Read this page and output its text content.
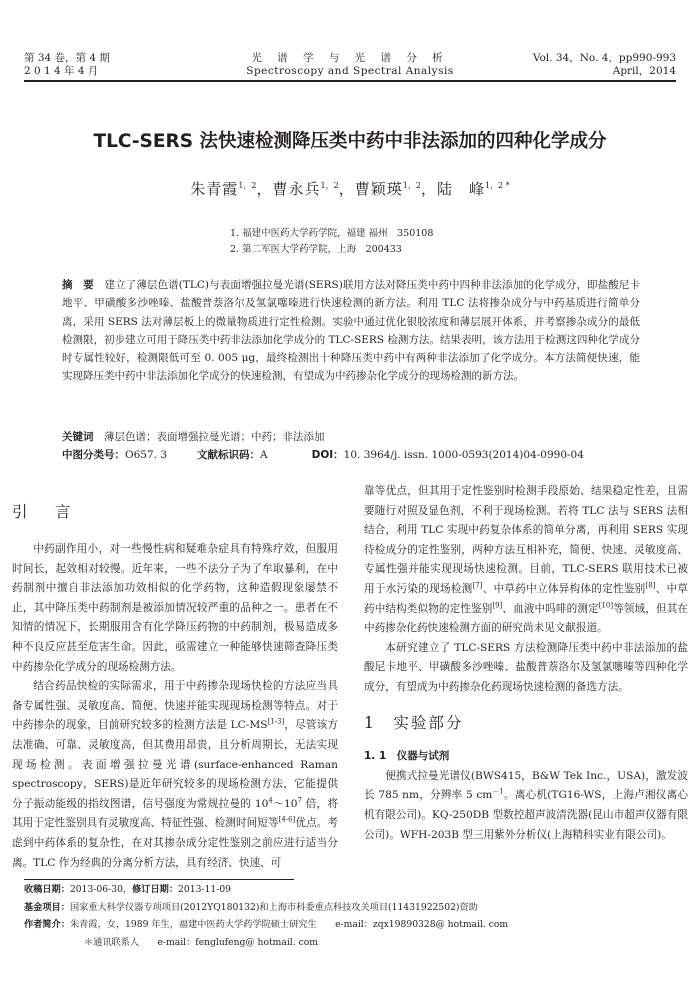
第 34 卷，第 4 期
2 0 1 4 年 4 月
光 谱 学 与 光 谱 分 析
Spectroscopy and Spectral Analysis
Vol. 34，No. 4，pp990-993
April，2014
TLC-SERS 法快速检测降压类中药中非法添加的四种化学成分
朱青霞$^{1,2}$，曹永兵$^{1,2}$，曹颖瑛$^{1,2}$，陆　峰$^{1,2 *}$
1. 福建中医药大学药学院，福建 福州　350108
2. 第二军医大学药学院，上海　200433
摘　要　 建立了薄层色谱(TLC)与表面增强拉曼光谱(SERS)联用方法对降压类中药中四种非法添加的化学成分，即盐酸尼卡地平、甲磺酸多沙唑嗪、盐酸普萘洛尔及氢氯噻嗪进行快速检测的新方法。利用 TLC 法将掺杂成分与中药基质进行简单分离，采用 SERS 法对薄层板上的微量物质进行定性检测。实验中通过优化银胶浓度和薄层展开体系，并考察掺杂成分的最低检测限，初步建立可用于降压类中药非法添加化学成分的 TLC-SERS 检测方法。结果表明，该方法用于检测这四种化学成分时专属性较好，检测限低可至 0. 005 μg，最终检测出十种降压类中药中有两种非法添加了化学成分。本方法简便快速，能实现降压类中药中非法添加化学成分的快速检测，有望成为中药掺杂化学成分的现场检测的新方法。
关键词　 薄层色谱；表面增强拉曼光谱；中药；非法添加
中图分类号：O657. 3	文献标识码：A	DOI：10. 3964/j. issn. 1000-0593(2014)04-0990-04
引　言

中药副作用小，对一些慢性病和疑难杂症具有特殊疗效，但服用时间长，起效相对较慢。近年来，一些不法分子为了牟取暴利，在中药制剂中擅自非法添加功效相似的化学药物，这种造假现象屡禁不止，其中降压类中药制剂是被添加情况较严重的品种之一。患者在不知情的情况下，长期服用含有化学降压药物的中药制剂，极易造成多种不良反应甚至危害生命。因此，亟需建立一种能够快速筛查降压类中药掺杂化学成分的现场检测方法。

结合药品快检的实际需求，用于中药掺杂现场快检的方法应当具备专属性强、灵敏度高、简便、快速并能实现现场检测等特点。对于中药掺杂的现象，目前研究较多的检测方法是 LC-MS[1-3]，尽管该方法准确、可靠、灵敏度高，但其费用昂贵，且分析周期长，无法实现现场检测。表面增强拉曼光谱(surface-enhanced Raman spectroscopy，SERS)是近年研究较多的现场检测方法，它能提供分子振动能级的指纹图谱，信号强度为常规拉曼的 $10^4\sim 10^7$ 倍，将其用于定性鉴别具有灵敏度高、特征性强、检测时间短等[4-6]优点。考虑到中药体系的复杂性，在对其掺杂成分定性鉴别之前应进行适当分离。TLC 作为经典的分离分析方法，具有经济、快速、可

靠等优点，但其用于定性鉴别时检测手段原始、结果稳定性差，且需要随行对照及显色剂，不利于现场检测。若将 TLC 法与 SERS 法相结合，利用 TLC 实现中药复杂体系的简单分离，再利用 SERS 实现待检成分的定性鉴别，两种方法互相补充，简便、快速、灵敏度高、专属性强并能实现现场快速检测。目前，TLC-SERS 联用技术已被用于水污染的现场检测[7]、中草药中立体异构体的定性鉴别[8]、中草药中结构类似物的定性鉴别[9]、血液中吗啡的测定[10]等领域，但其在中药掺杂化药快速检测方面的研究尚未见文献报道。

本研究建立了 TLC-SERS 方法检测降压类中药中非法添加的盐酸尼卡地平、甲磺酸多沙唑嗪、盐酸普萘洛尔及氢氯噻嗪等四种化学成分，有望成为中药掺杂化药现场快速检测的备选方法。

1　 实验部分
1. 1　 仪器与试剂

便携式拉曼光谱仪(BWS415，B&W Tek Inc.，USA)，激发波长 785 nm，分辨率 5 $cm^{-1}$。离心机(TG16-WS，上海卢湘仪离心机有限公司)。KQ-250DB 型数控超声波清洗器(昆山市超声仪器有限公司)。WFH-203B 型三用紫外分析仪(上海精科实业有限公司)。

收稿日期：2013-06-30，修订日期：2013-11-09
基金项目：国家重大科学仪器专项项目(2012YQ180132)和上海市科委重点科技攻关项目(11431922502)资助
作者简介：朱青霞，女，1989 年生，福建中医药大学药学院硕士研究生　　e-mail：zqx19890328@ hotmail. com
＊通讯联系人　　e-mail：fenglufeng@ hotmail. com
